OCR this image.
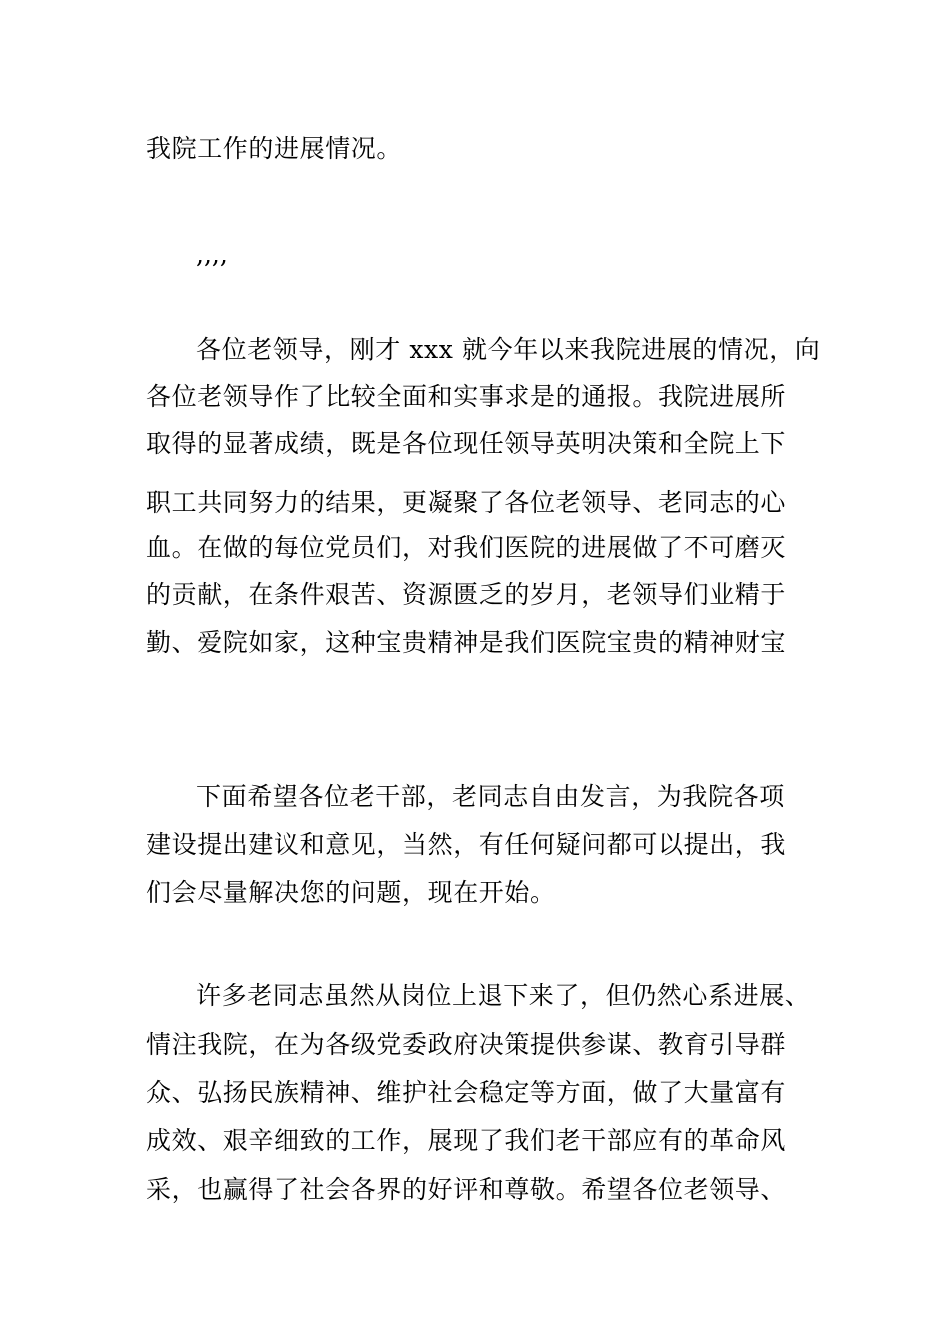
我院工作的进展情况。
,,,,
各位老领导，刚才 xxx 就今年以来我院进展的情况，向
各位老领导作了比较全面和实事求是的通报。我院进展所
取得的显著成绩，既是各位现任领导英明决策和全院上下
职工共同努力的结果，更凝聚了各位老领导、老同志的心
血。在做的每位党员们，对我们医院的进展做了不可磨灭
的贡献，在条件艰苦、资源匮乏的岁月，老领导们业精于
勤、爱院如家，这种宝贵精神是我们医院宝贵的精神财宝
下面希望各位老干部，老同志自由发言，为我院各项
建设提出建议和意见，当然，有任何疑问都可以提出，我
们会尽量解决您的问题，现在开始。
许多老同志虽然从岗位上退下来了，但仍然心系进展、
情注我院，在为各级党委政府决策提供参谋、教育引导群
众、弘扬民族精神、维护社会稳定等方面，做了大量富有
成效、艰辛细致的工作，展现了我们老干部应有的革命风
采，也赢得了社会各界的好评和尊敬。希望各位老领导、
